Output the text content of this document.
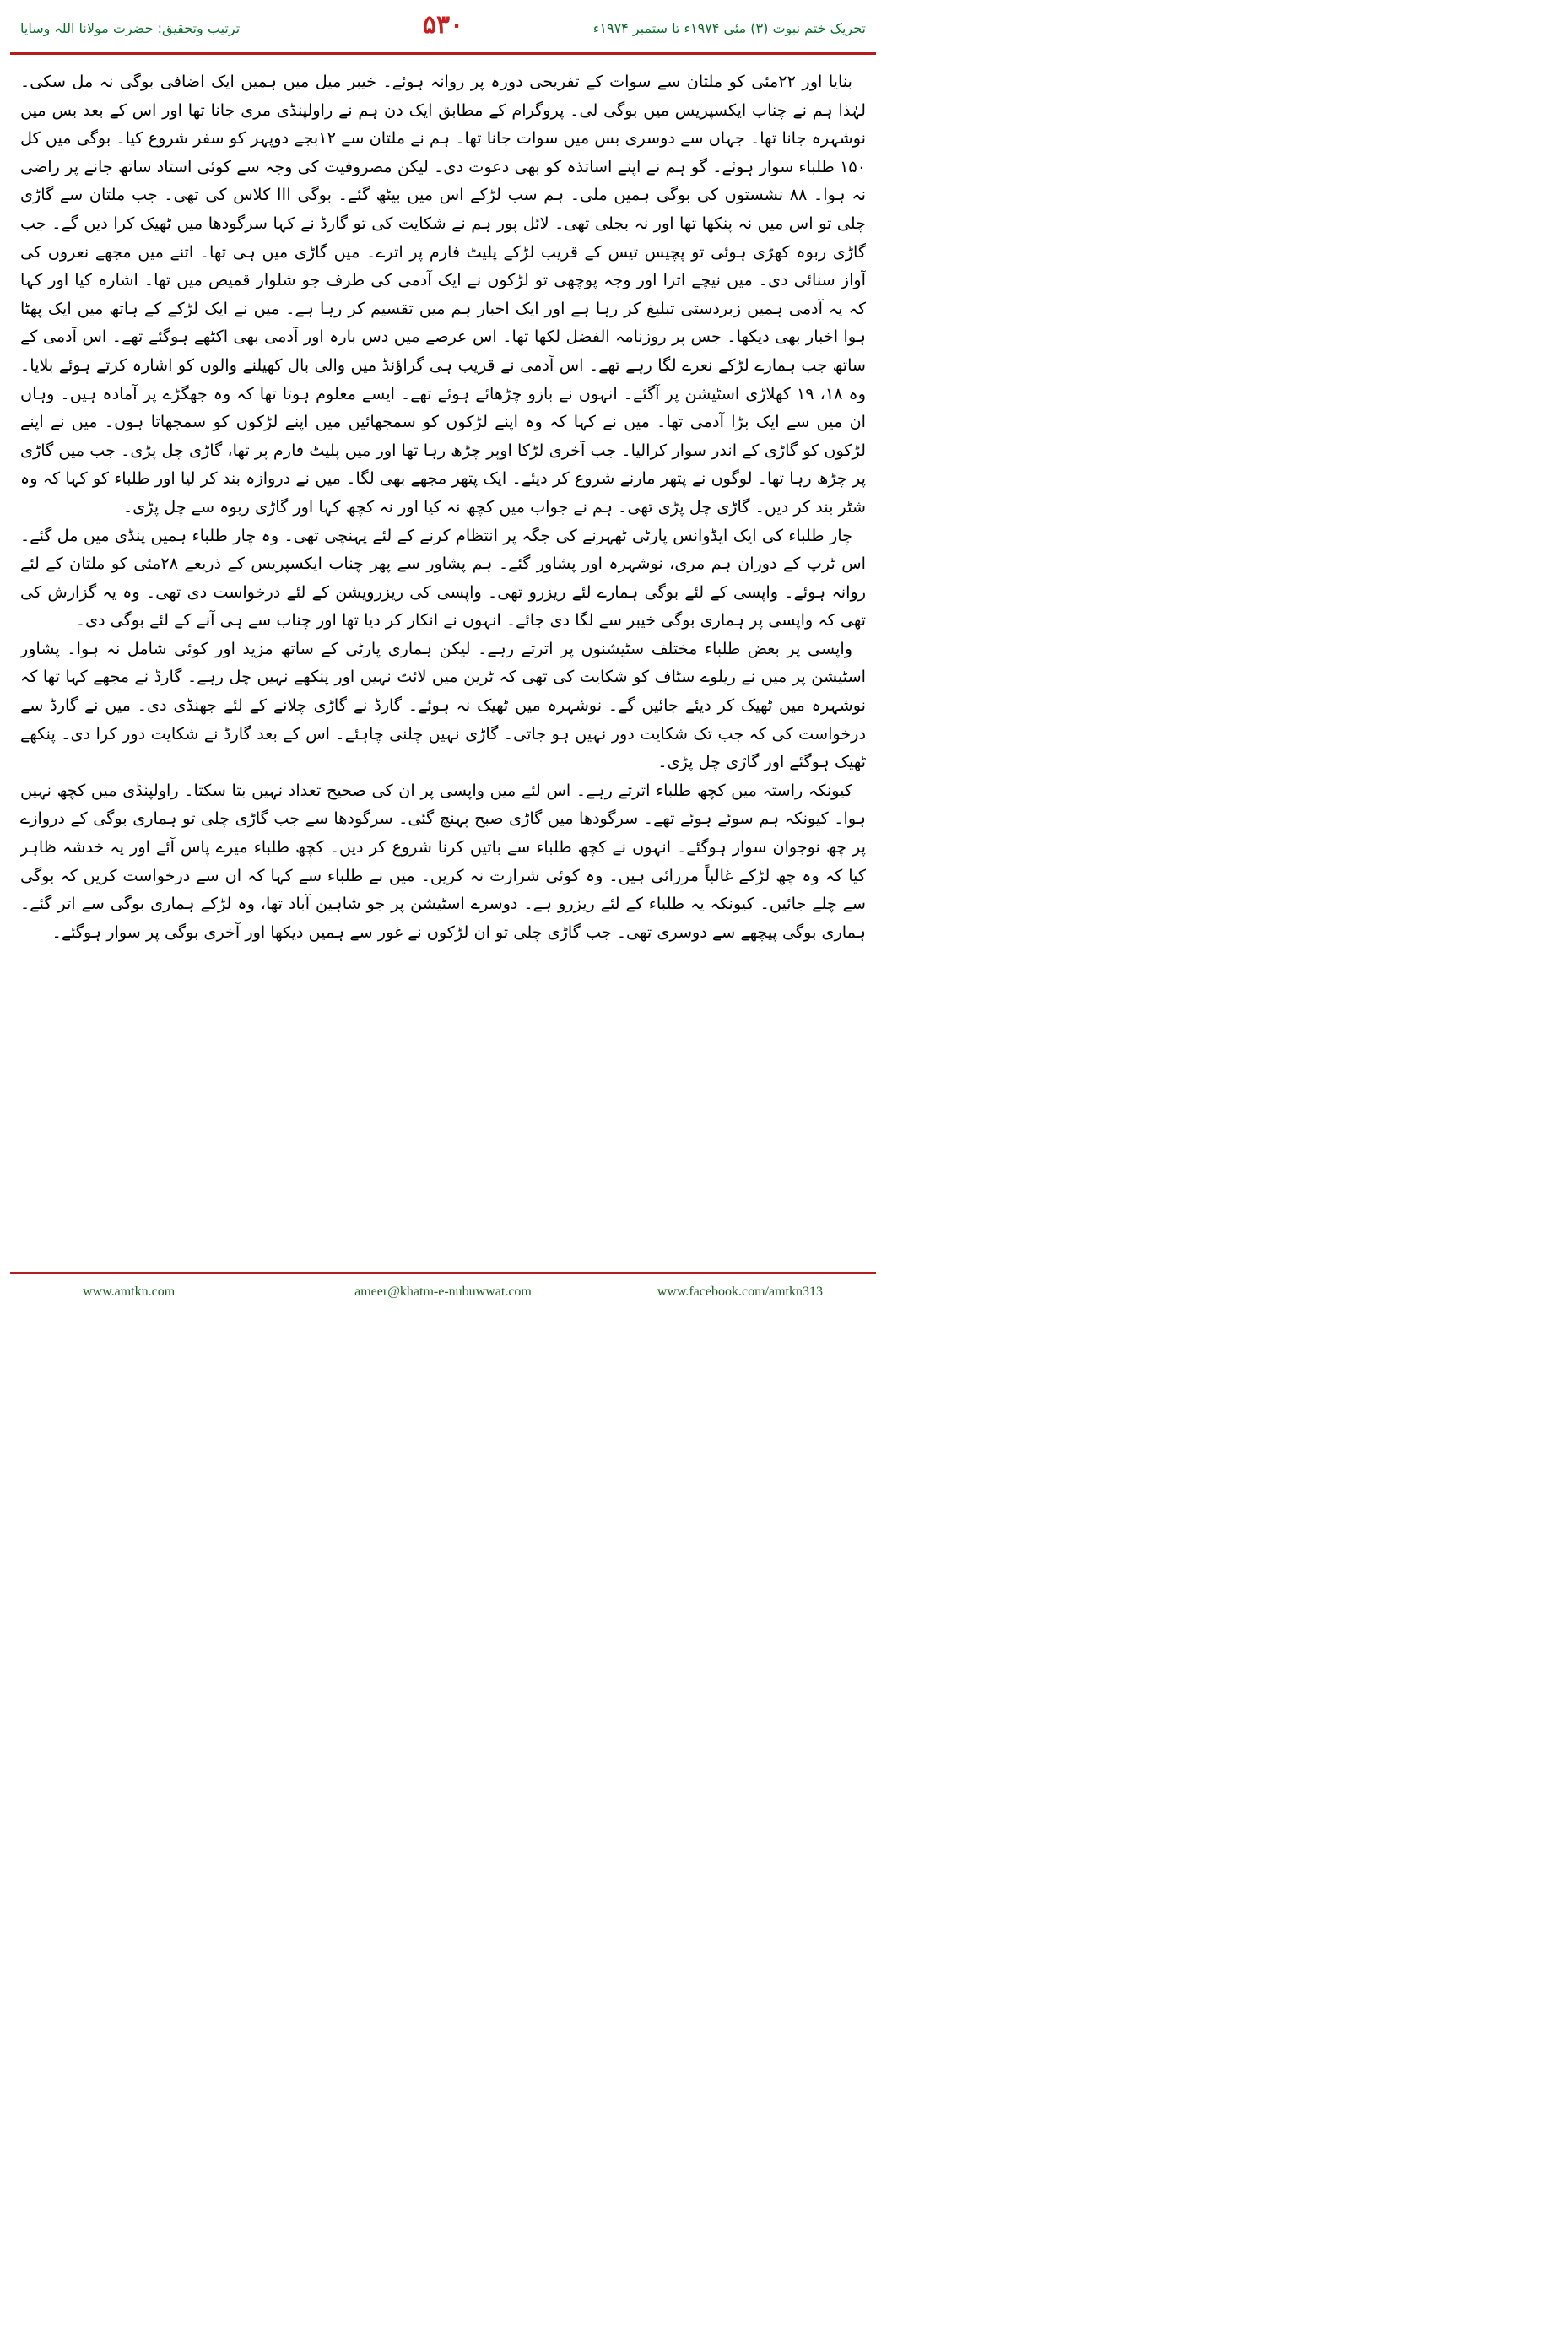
ترتیب وتحقیق: حضرت مولانا اللہ وسایا	۵۳۰	تحریک ختم نبوت (۳) مئی ۱۹۷۴ء تا ستمبر ۱۹۷۴ء

بنایا اور ۲۲مئی کو ملتان سے سوات کے تفریحی دورہ پر روانہ ہوئے۔ خیبر میل میں ہمیں ایک اضافی بوگی نہ مل سکی۔ لہٰذا ہم نے چناب ایکسپریس میں بوگی لی۔ پروگرام کے مطابق ایک دن ہم نے راولپنڈی مری جانا تھا اور اس کے بعد بس میں نوشہرہ جانا تھا۔ جہاں سے دوسری بس میں سوات جانا تھا۔ ہم نے ملتان سے ۱۲بجے دوپہر کو سفر شروع کیا۔ بوگی میں کل ۱۵۰ طلباء سوار ہوئے۔ گو ہم نے اپنے اساتذہ کو بھی دعوت دی۔ لیکن مصروفیت کی وجہ سے کوئی استاد ساتھ جانے پر راضی نہ ہوا۔ ۸۸ نشستوں کی بوگی ہمیں ملی۔ ہم سب لڑکے اس میں بیٹھ گئے۔ بوگی III کلاس کی تھی۔ جب ملتان سے گاڑی چلی تو اس میں نہ پنکھا تھا اور نہ بجلی تھی۔ لائل پور ہم نے شکایت کی تو گارڈ نے کہا سرگودھا میں ٹھیک کرا دیں گے۔ جب گاڑی ربوہ کھڑی ہوئی تو پچیس تیس کے قریب لڑکے پلیٹ فارم پر اترے۔ میں گاڑی میں ہی تھا۔ اتنے میں مجھے نعروں کی آواز سنائی دی۔ میں نیچے اترا اور وجہ پوچھی تو لڑکوں نے ایک آدمی کی طرف جو شلوار قمیص میں تھا۔ اشارہ کیا اور کہا کہ یہ آدمی ہمیں زبردستی تبلیغ کر رہا ہے اور ایک اخبار ہم میں تقسیم کر رہا ہے۔ میں نے ایک لڑکے کے ہاتھ میں ایک پھٹا ہوا اخبار بھی دیکھا۔ جس پر روزنامہ الفضل لکھا تھا۔ اس عرصے میں دس بارہ اور آدمی بھی اکٹھے ہوگئے تھے۔ اس آدمی کے ساتھ جب ہمارے لڑکے نعرے لگا رہے تھے۔ اس آدمی نے قریب ہی گراؤنڈ میں والی بال کھیلنے والوں کو اشارہ کرتے ہوئے بلایا۔ وہ ۱۸، ۱۹ کھلاڑی اسٹیشن پر آگئے۔ انہوں نے بازو چڑھائے ہوئے تھے۔ ایسے معلوم ہوتا تھا کہ وہ جھگڑے پر آمادہ ہیں۔ وہاں ان میں سے ایک بڑا آدمی تھا۔ میں نے کہا کہ وہ اپنے لڑکوں کو سمجھائیں میں اپنے لڑکوں کو سمجھاتا ہوں۔ میں نے اپنے لڑکوں کو گاڑی کے اندر سوار کرالیا۔ جب آخری لڑکا اوپر چڑھ رہا تھا اور میں پلیٹ فارم پر تھا، گاڑی چل پڑی۔ جب میں گاڑی پر چڑھ رہا تھا۔ لوگوں نے پتھر مارنے شروع کر دیئے۔ ایک پتھر مجھے بھی لگا۔ میں نے دروازہ بند کر لیا اور طلباء کو کہا کہ وہ شٹر بند کر دیں۔ گاڑی چل پڑی تھی۔ ہم نے جواب میں کچھ نہ کیا اور نہ کچھ کہا اور گاڑی ربوہ سے چل پڑی۔

چار طلباء کی ایک ایڈوانس پارٹی ٹھہرنے کی جگہ پر انتظام کرنے کے لئے پہنچی تھی۔ وہ چار طلباء ہمیں پنڈی میں مل گئے۔ اس ٹرپ کے دوران ہم مری، نوشہرہ اور پشاور گئے۔ ہم پشاور سے پھر چناب ایکسپریس کے ذریعے ۲۸مئی کو ملتان کے لئے روانہ ہوئے۔ واپسی کے لئے بوگی ہمارے لئے ریزرو تھی۔ واپسی کی ریزرویشن کے لئے درخواست دی تھی۔ وہ یہ گزارش کی تھی کہ واپسی پر ہماری بوگی خیبر سے لگا دی جائے۔ انہوں نے انکار کر دیا تھا اور چناب سے ہی آنے کے لئے بوگی دی۔

واپسی پر بعض طلباء مختلف سٹیشنوں پر اترتے رہے۔ لیکن ہماری پارٹی کے ساتھ مزید اور کوئی شامل نہ ہوا۔ پشاور اسٹیشن پر میں نے ریلوے سٹاف کو شکایت کی تھی کہ ٹرین میں لائٹ نہیں اور پنکھے نہیں چل رہے۔ گارڈ نے مجھے کہا تھا کہ نوشہرہ میں ٹھیک کر دیئے جائیں گے۔ نوشہرہ میں ٹھیک نہ ہوئے۔ گارڈ نے گاڑی چلانے کے لئے جھنڈی دی۔ میں نے گارڈ سے درخواست کی کہ جب تک شکایت دور نہیں ہو جاتی۔ گاڑی نہیں چلنی چاہئے۔ اس کے بعد گارڈ نے شکایت دور کرا دی۔ پنکھے ٹھیک ہوگئے اور گاڑی چل پڑی۔

کیونکہ راستہ میں کچھ طلباء اترتے رہے۔ اس لئے میں واپسی پر ان کی صحیح تعداد نہیں بتا سکتا۔ راولپنڈی میں کچھ نہیں ہوا۔ کیونکہ ہم سوئے ہوئے تھے۔ سرگودھا میں گاڑی صبح پہنچ گئی۔ سرگودھا سے جب گاڑی چلی تو ہماری بوگی کے دروازے پر چھ نوجوان سوار ہوگئے۔ انہوں نے کچھ طلباء سے باتیں کرنا شروع کر دیں۔ کچھ طلباء میرے پاس آئے اور یہ خدشہ ظاہر کیا کہ وہ چھ لڑکے غالباً مرزائی ہیں۔ وہ کوئی شرارت نہ کریں۔ میں نے طلباء سے کہا کہ ان سے درخواست کریں کہ بوگی سے چلے جائیں۔ کیونکہ یہ طلباء کے لئے ریزرو ہے۔ دوسرے اسٹیشن پر جو شاہین آباد تھا، وہ لڑکے ہماری بوگی سے اتر گئے۔ ہماری بوگی پیچھے سے دوسری تھی۔ جب گاڑی چلی تو ان لڑکوں نے غور سے ہمیں دیکھا اور آخری بوگی پر سوار ہوگئے۔

www.amtkn.com	ameer@khatm-e-nubuwwat.com	www.facebook.com/amtkn313
